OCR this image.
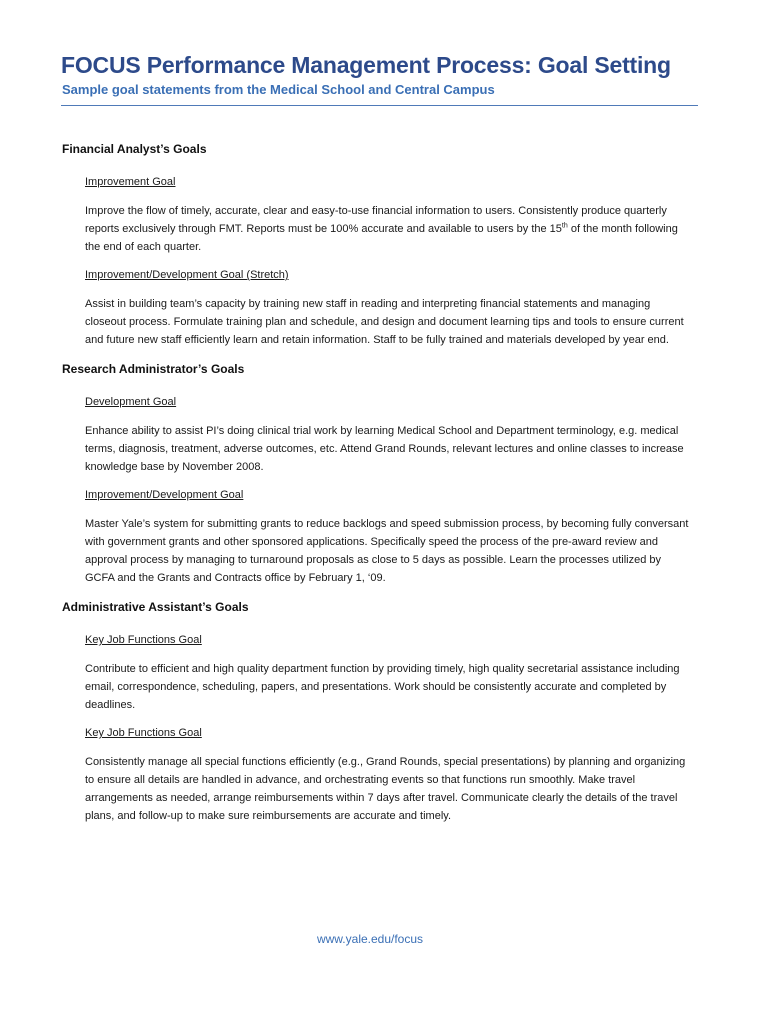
FOCUS Performance Management Process: Goal Setting
Sample goal statements from the Medical School and Central Campus
Financial Analyst’s Goals
Improvement Goal
Improve the flow of timely, accurate, clear and easy-to-use financial information to users. Consistently produce quarterly reports exclusively through FMT. Reports must be 100% accurate and available to users by the 15th of the month following the end of each quarter.
Improvement/Development Goal (Stretch)
Assist in building team’s capacity by training new staff in reading and interpreting financial statements and managing closeout process. Formulate training plan and schedule, and design and document learning tips and tools to ensure current and future new staff efficiently learn and retain information. Staff to be fully trained and materials developed by year end.
Research Administrator’s Goals
Development Goal
Enhance ability to assist PI’s doing clinical trial work by learning Medical School and Department terminology, e.g. medical terms, diagnosis, treatment, adverse outcomes, etc. Attend Grand Rounds, relevant lectures and online classes to increase knowledge base by November 2008.
Improvement/Development Goal
Master Yale’s system for submitting grants to reduce backlogs and speed submission process, by becoming fully conversant with government grants and other sponsored applications. Specifically speed the process of the pre-award review and approval process by managing to turnaround proposals as close to 5 days as possible. Learn the processes utilized by GCFA and the Grants and Contracts office by February 1, ‘09.
Administrative Assistant’s Goals
Key Job Functions Goal
Contribute to efficient and high quality department function by providing timely, high quality secretarial assistance including email, correspondence, scheduling, papers, and presentations. Work should be consistently accurate and completed by deadlines.
Key Job Functions Goal
Consistently manage all special functions efficiently (e.g., Grand Rounds, special presentations) by planning and organizing to ensure all details are handled in advance, and orchestrating events so that functions run smoothly. Make travel arrangements as needed, arrange reimbursements within 7 days after travel. Communicate clearly the details of the travel plans, and follow-up to make sure reimbursements are accurate and timely.
www.yale.edu/focus
